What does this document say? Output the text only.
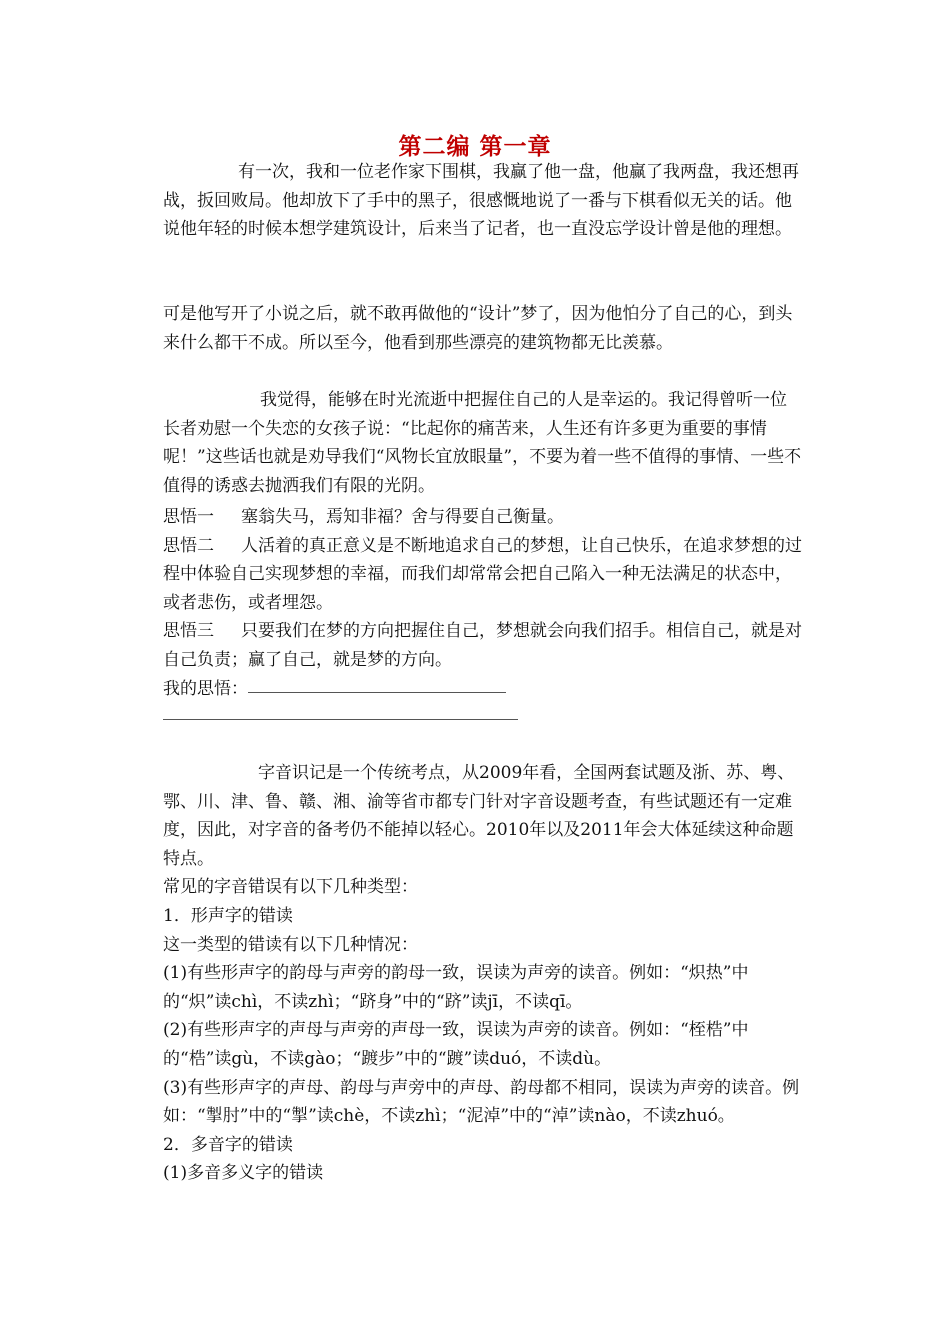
第二编 第一章

有一次，我和一位老作家下围棋，我赢了他一盘，他赢了我两盘，我还想再战，扳回败局。他却放下了手中的黑子，很感慨地说了一番与下棋看似无关的话。他说他年轻的时候本想学建筑设计，后来当了记者，也一直没忘学设计曾是他的理想。

可是他写开了小说之后，就不敢再做他的“设计”梦了，因为他怕分了自己的心，到头来什么都干不成。所以至今，他看到那些漂亮的建筑物都无比羡慕。

我觉得，能够在时光流逝中把握住自己的人是幸运的。我记得曾听一位长者劝慰一个失恋的女孩子说：“比起你的痛苦来，人生还有许多更为重要的事情呢！”这些话也就是劝导我们“风物长宜放眼量”，不要为着一些不值得的事情、一些不值得的诱惑去抛洒我们有限的光阴。

思悟一 塞翁失马，焉知非福？舍与得要自己衡量。
思悟二 人活着的真正意义是不断地追求自己的梦想，让自己快乐，在追求梦想的过程中体验自己实现梦想的幸福，而我们却常常会把自己陷入一种无法满足的状态中，或者悲伤，或者埋怨。
思悟三 只要我们在梦的方向把握住自己，梦想就会向我们招手。相信自己，就是对自己负责；赢了自己，就是梦的方向。
我的思悟：

字音识记是一个传统考点，从2009年看，全国两套试题及浙、苏、粤、鄂、川、津、鲁、赣、湘、渝等省市都专门针对字音设题考查，有些试题还有一定难度，因此，对字音的备考仍不能掉以轻心。2010年以及2011年会大体延续这种命题特点。

常见的字音错误有以下几种类型：

1．形声字的错读

这一类型的错读有以下几种情况：

(1)有些形声字的韵母与声旁的韵母一致，误读为声旁的读音。例如：“炽热”中的“炽”读chì，不读zhì；“跻身”中的“跻”读jī，不读qī。

(2)有些形声字的声母与声旁的声母一致，误读为声旁的读音。例如：“桎梏”中的“梏”读gù，不读gào；“踱步”中的“踱”读duó，不读dù。

(3)有些形声字的声母、韵母与声旁中的声母、韵母都不相同，误读为声旁的读音。例如：“掣肘”中的“掣”读chè，不读zhì；“泥淖”中的“淖”读nào，不读zhuó。

2．多音字的错读

(1)多音多义字的错读
